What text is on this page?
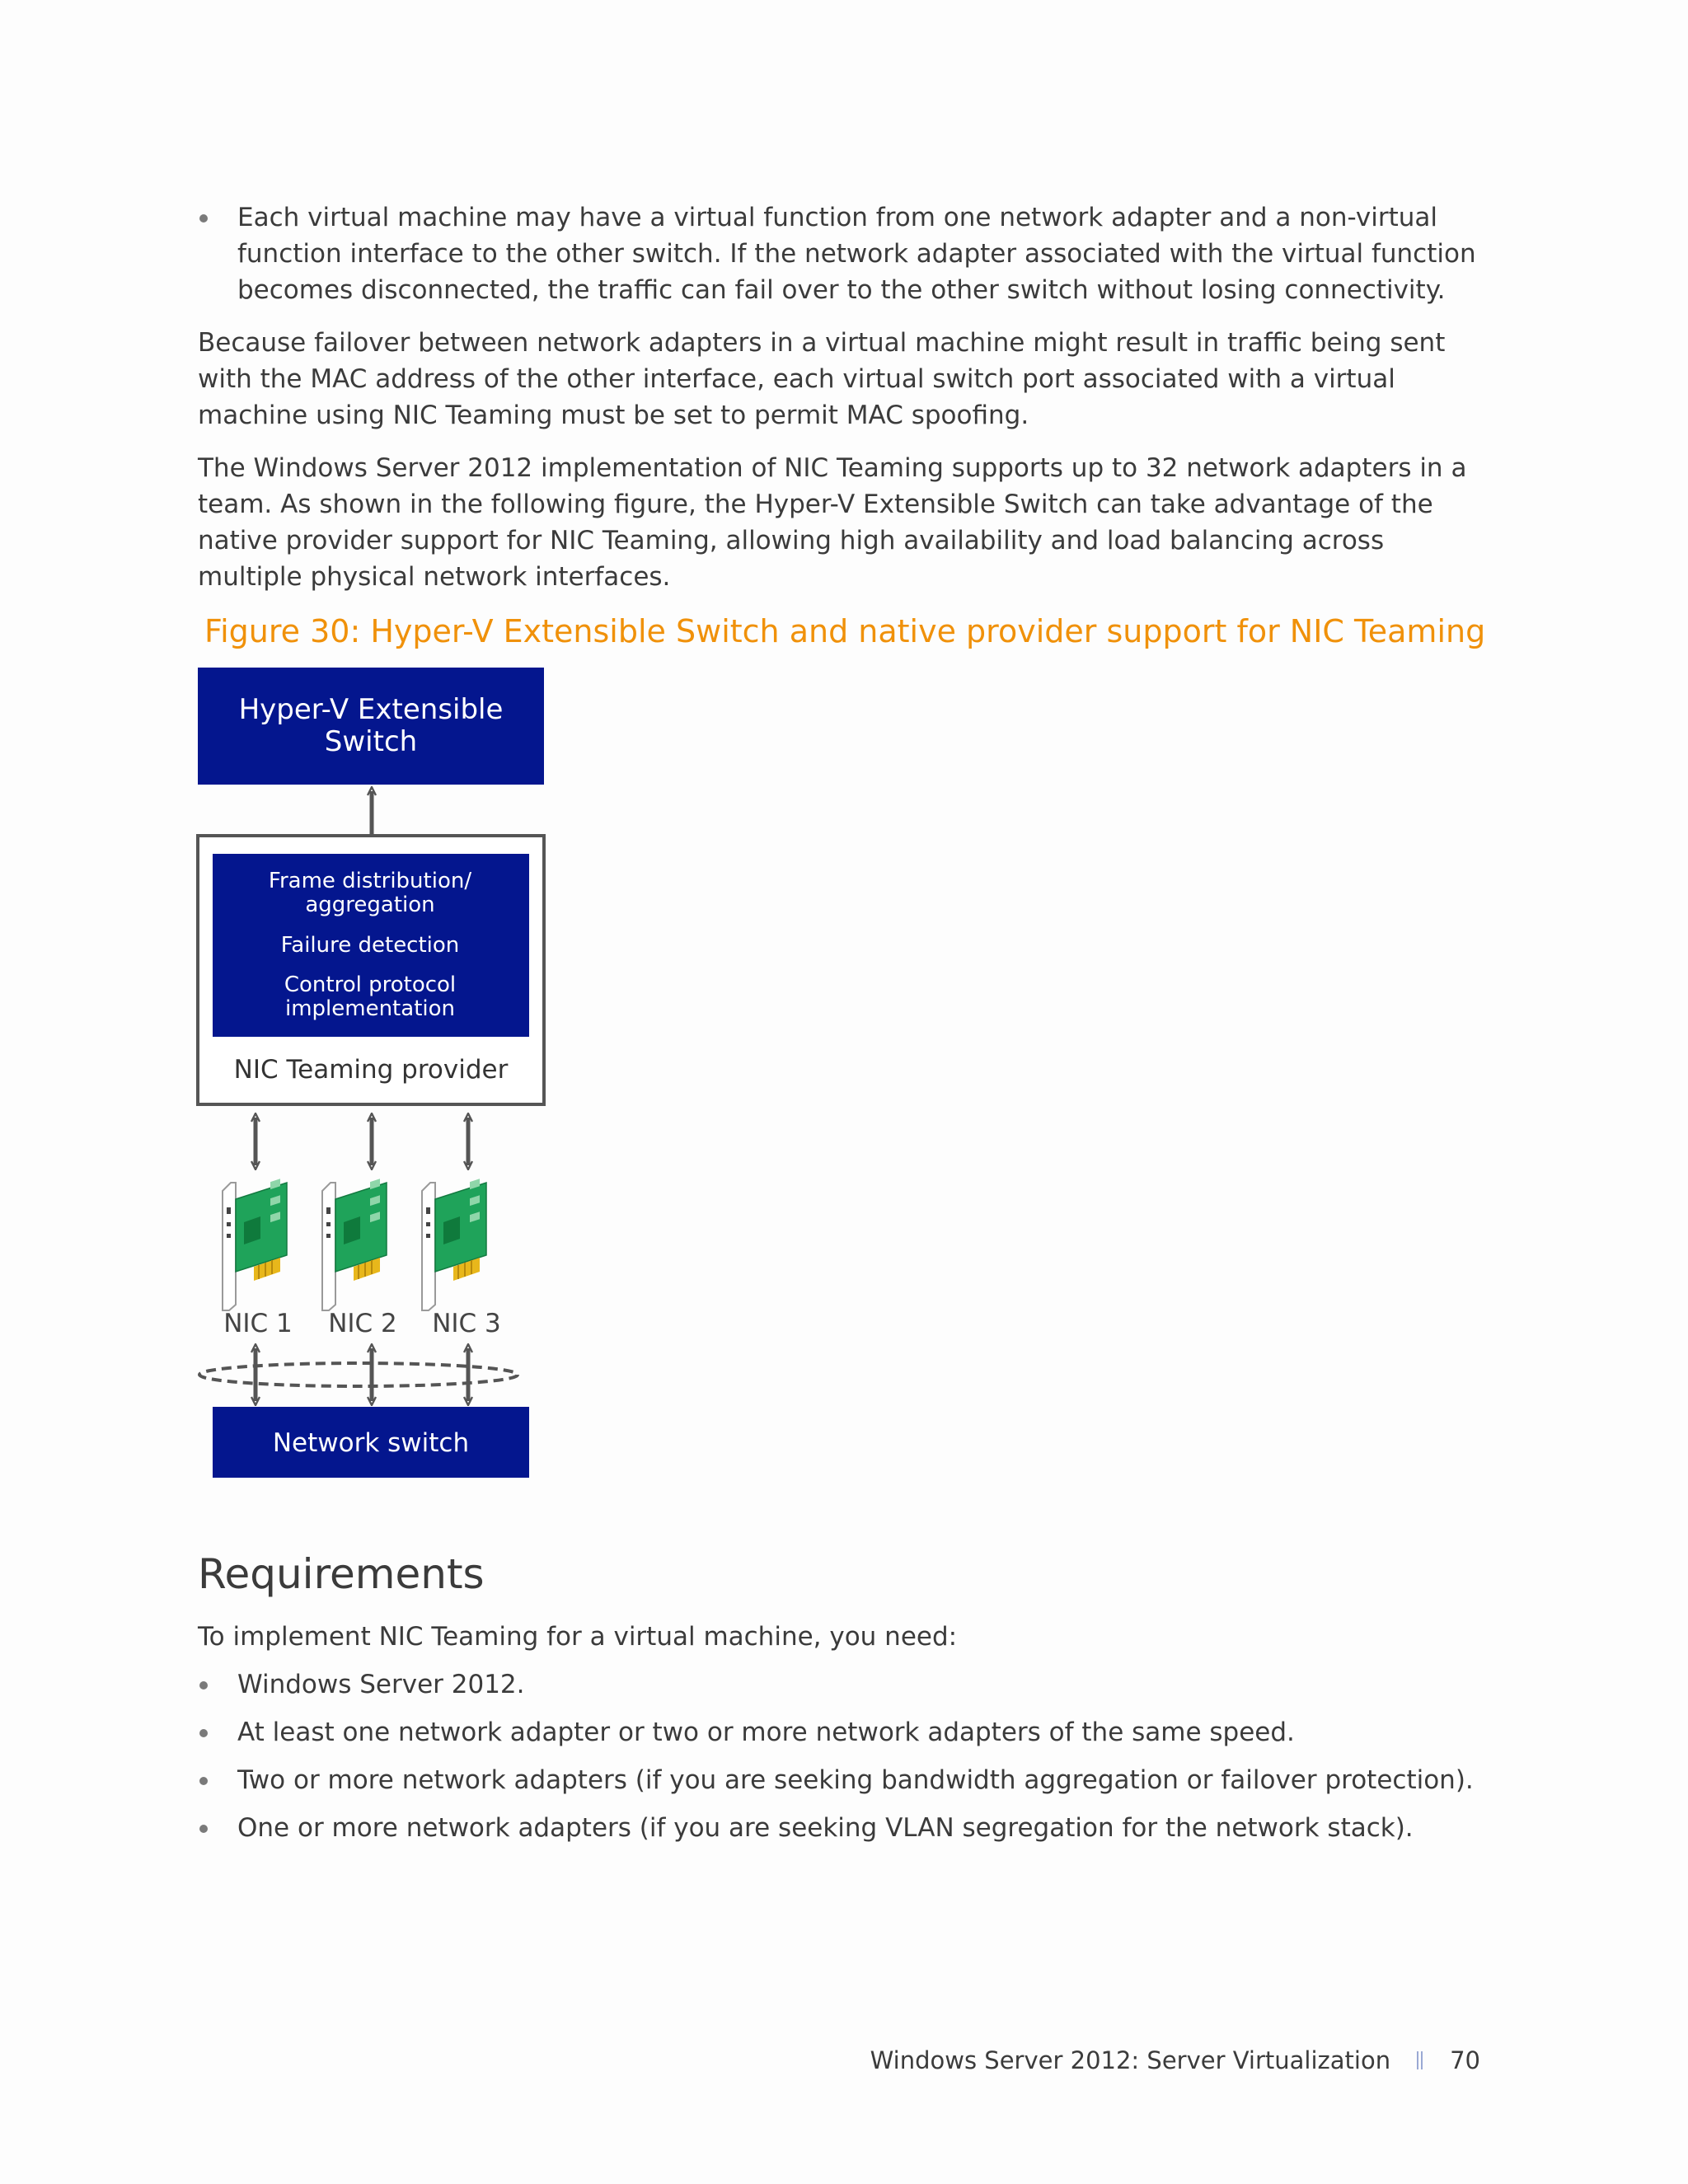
Each virtual machine may have a virtual function from one network adapter and a non-virtual function interface to the other switch. If the network adapter associated with the virtual function becomes disconnected, the traffic can fail over to the other switch without losing connectivity.

Because failover between network adapters in a virtual machine might result in traffic being sent with the MAC address of the other interface, each virtual switch port associated with a virtual machine using NIC Teaming must be set to permit MAC spoofing.

The Windows Server 2012 implementation of NIC Teaming supports up to 32 network adapters in a team. As shown in the following figure, the Hyper-V Extensible Switch can take advantage of the native provider support for NIC Teaming, allowing high availability and load balancing across multiple physical network interfaces.

Figure 30: Hyper-V Extensible Switch and native provider support for NIC Teaming
Hyper-V Extensible
Switch
Frame distribution/
aggregation
Failure detection
Control protocol
implementation
NIC Teaming provider
NIC 1 NIC 2 NIC 3
Network switch
Requirements

To implement NIC Teaming for a virtual machine, you need:

Windows Server 2012.
At least one network adapter or two or more network adapters of the same speed.
Two or more network adapters (if you are seeking bandwidth aggregation or failover protection).
One or more network adapters (if you are seeking VLAN segregation for the network stack).
Windows Server 2012: Server Virtualization 70
